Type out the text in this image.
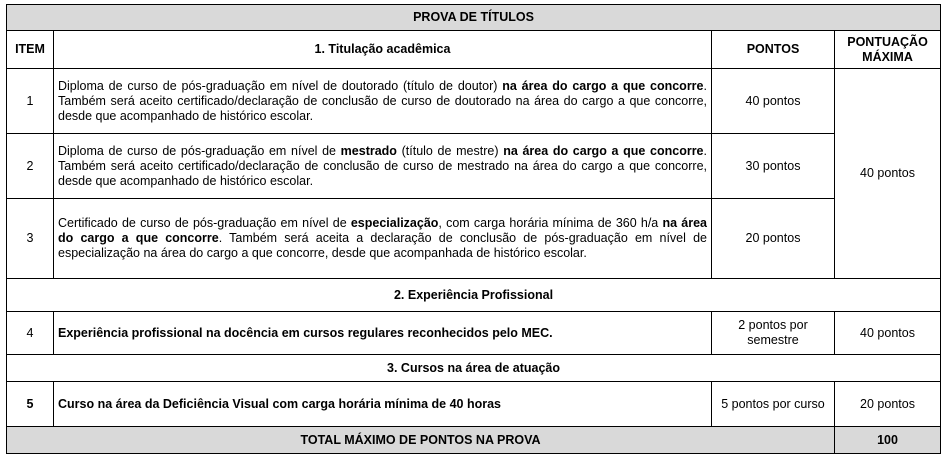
PROVA DE TÍTULOS			
ITEM	1. Titulação acadêmica	PONTOS	PONTUAÇÃO
MÁXIMA
1	Diploma de curso de pós-graduação em nível de doutorado (título de doutor) na área do cargo a que concorre. Também será aceito certificado/declaração de conclusão de curso de doutorado na área do cargo a que concorre, desde que acompanhado de histórico escolar.	40 pontos	40 pontos
2	Diploma de curso de pós-graduação em nível de mestrado (título de mestre) na área do cargo a que concorre. Também será aceito certificado/declaração de conclusão de curso de mestrado na área do cargo a que concorre, desde que acompanhado de histórico escolar.	30 pontos	
3	Certificado de curso de pós-graduação em nível de especialização, com carga horária mínima de 360 h/a na área do cargo a que concorre. Também será aceita a declaração de conclusão de pós-graduação em nível de especialização na área do cargo a que concorre, desde que acompanhada de histórico escolar.	20 pontos	
2. Experiência Profissional			
4	Experiência profissional na docência em cursos regulares reconhecidos pelo MEC.	2 pontos por semestre	40 pontos
3. Cursos na área de atuação			
5	Curso na área da Deficiência Visual com carga horária mínima de 40 horas	5 pontos por curso	20 pontos
TOTAL MÁXIMO DE PONTOS NA PROVA			100
